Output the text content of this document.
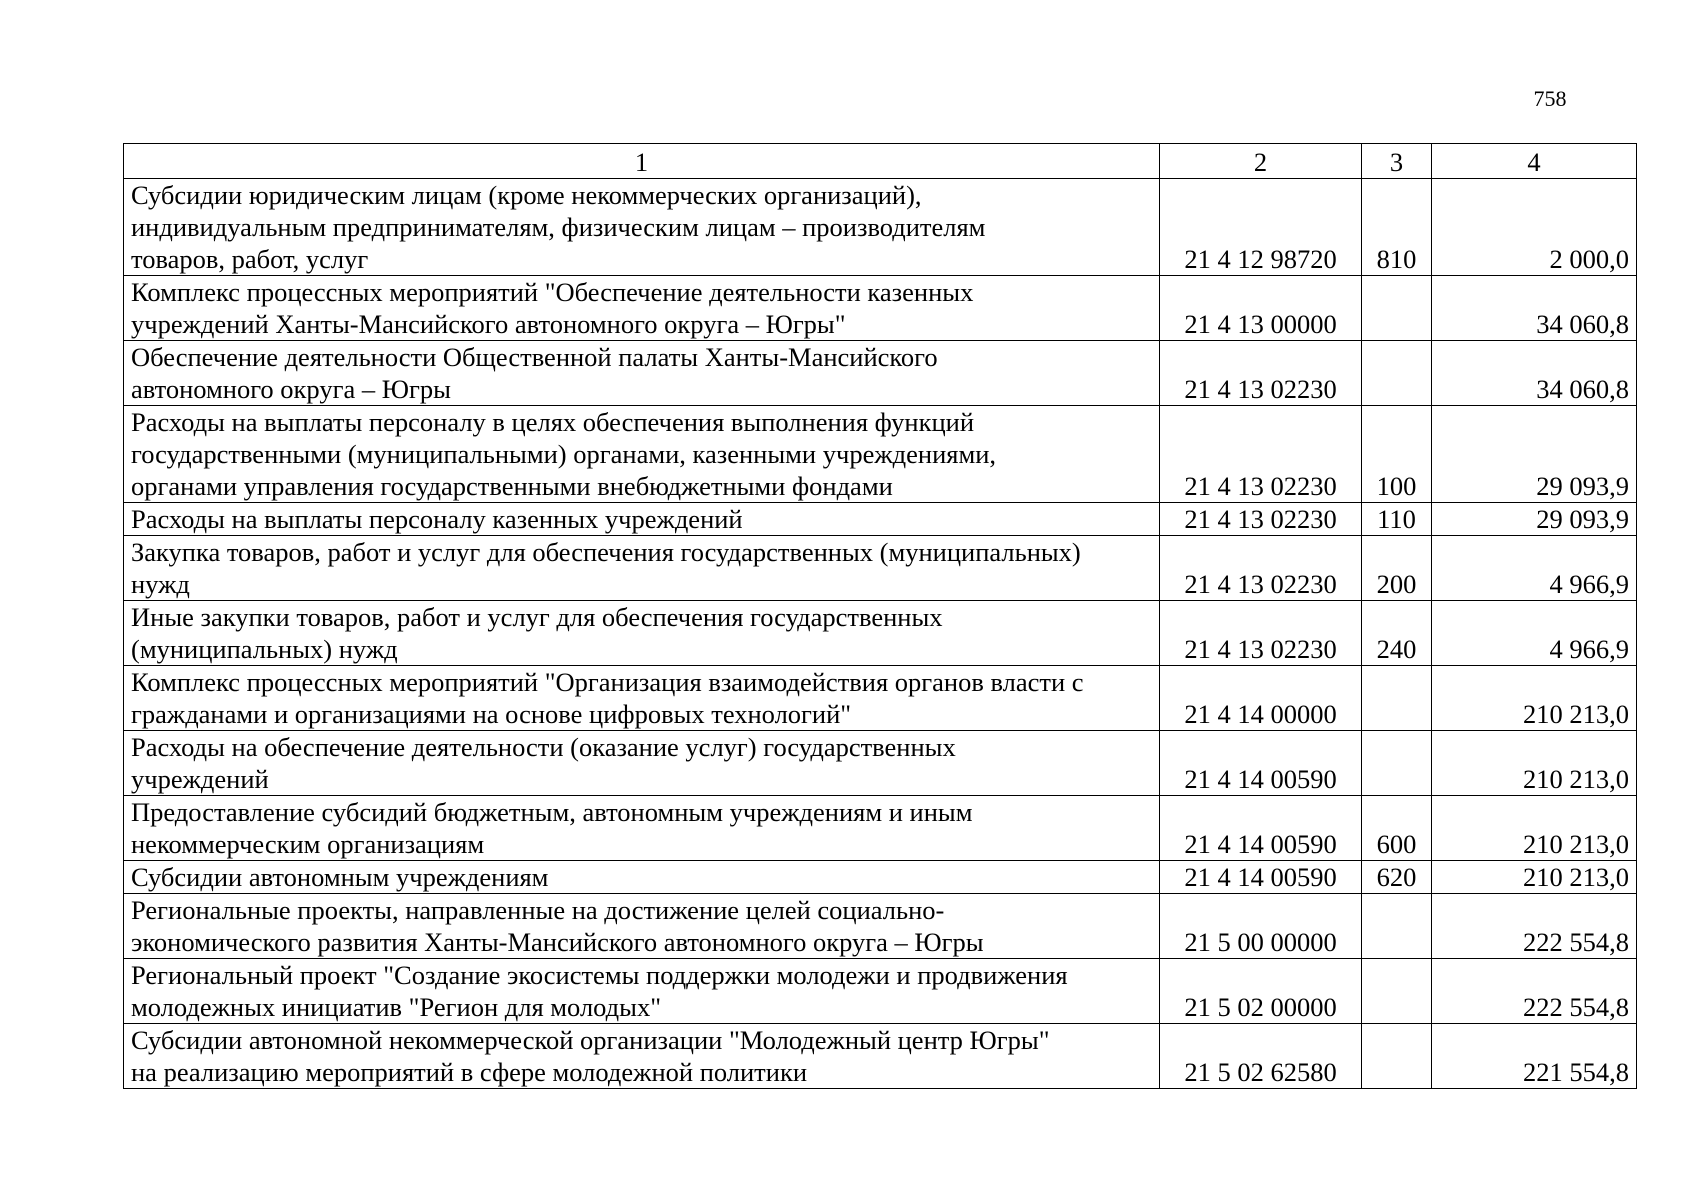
758
1	2	3	4

Субсидии юридическим лицам (кроме некоммерческих организаций),
индивидуальным предпринимателям, физическим лицам – производителям
товаров, работ, услуг	21 4 12 98720	810	2 000,0

Комплекс процессных мероприятий "Обеспечение деятельности казенных
учреждений Ханты-Мансийского автономного округа – Югры"	21 4 13 00000		34 060,8

Обеспечение деятельности Общественной палаты Ханты-Мансийского
автономного округа – Югры	21 4 13 02230		34 060,8

Расходы на выплаты персоналу в целях обеспечения выполнения функций
государственными (муниципальными) органами, казенными учреждениями,
органами управления государственными внебюджетными фондами	21 4 13 02230	100	29 093,9

Расходы на выплаты персоналу казенных учреждений	21 4 13 02230	110	29 093,9

Закупка товаров, работ и услуг для обеспечения государственных (муниципальных)
нужд	21 4 13 02230	200	4 966,9

Иные закупки товаров, работ и услуг для обеспечения государственных
(муниципальных) нужд	21 4 13 02230	240	4 966,9

Комплекс процессных мероприятий "Организация взаимодействия органов власти с
гражданами и организациями на основе цифровых технологий"	21 4 14 00000		210 213,0

Расходы на обеспечение деятельности (оказание услуг) государственных
учреждений	21 4 14 00590		210 213,0

Предоставление субсидий бюджетным, автономным учреждениям и иным
некоммерческим организациям	21 4 14 00590	600	210 213,0

Субсидии автономным учреждениям	21 4 14 00590	620	210 213,0

Региональные проекты, направленные на достижение целей социально-
экономического развития Ханты-Мансийского автономного округа – Югры	21 5 00 00000		222 554,8

Региональный проект "Создание экосистемы поддержки молодежи и продвижения
молодежных инициатив "Регион для молодых"	21 5 02 00000		222 554,8

Субсидии автономной некоммерческой организации "Молодежный центр Югры"
на реализацию мероприятий в сфере молодежной политики	21 5 02 62580		221 554,8
